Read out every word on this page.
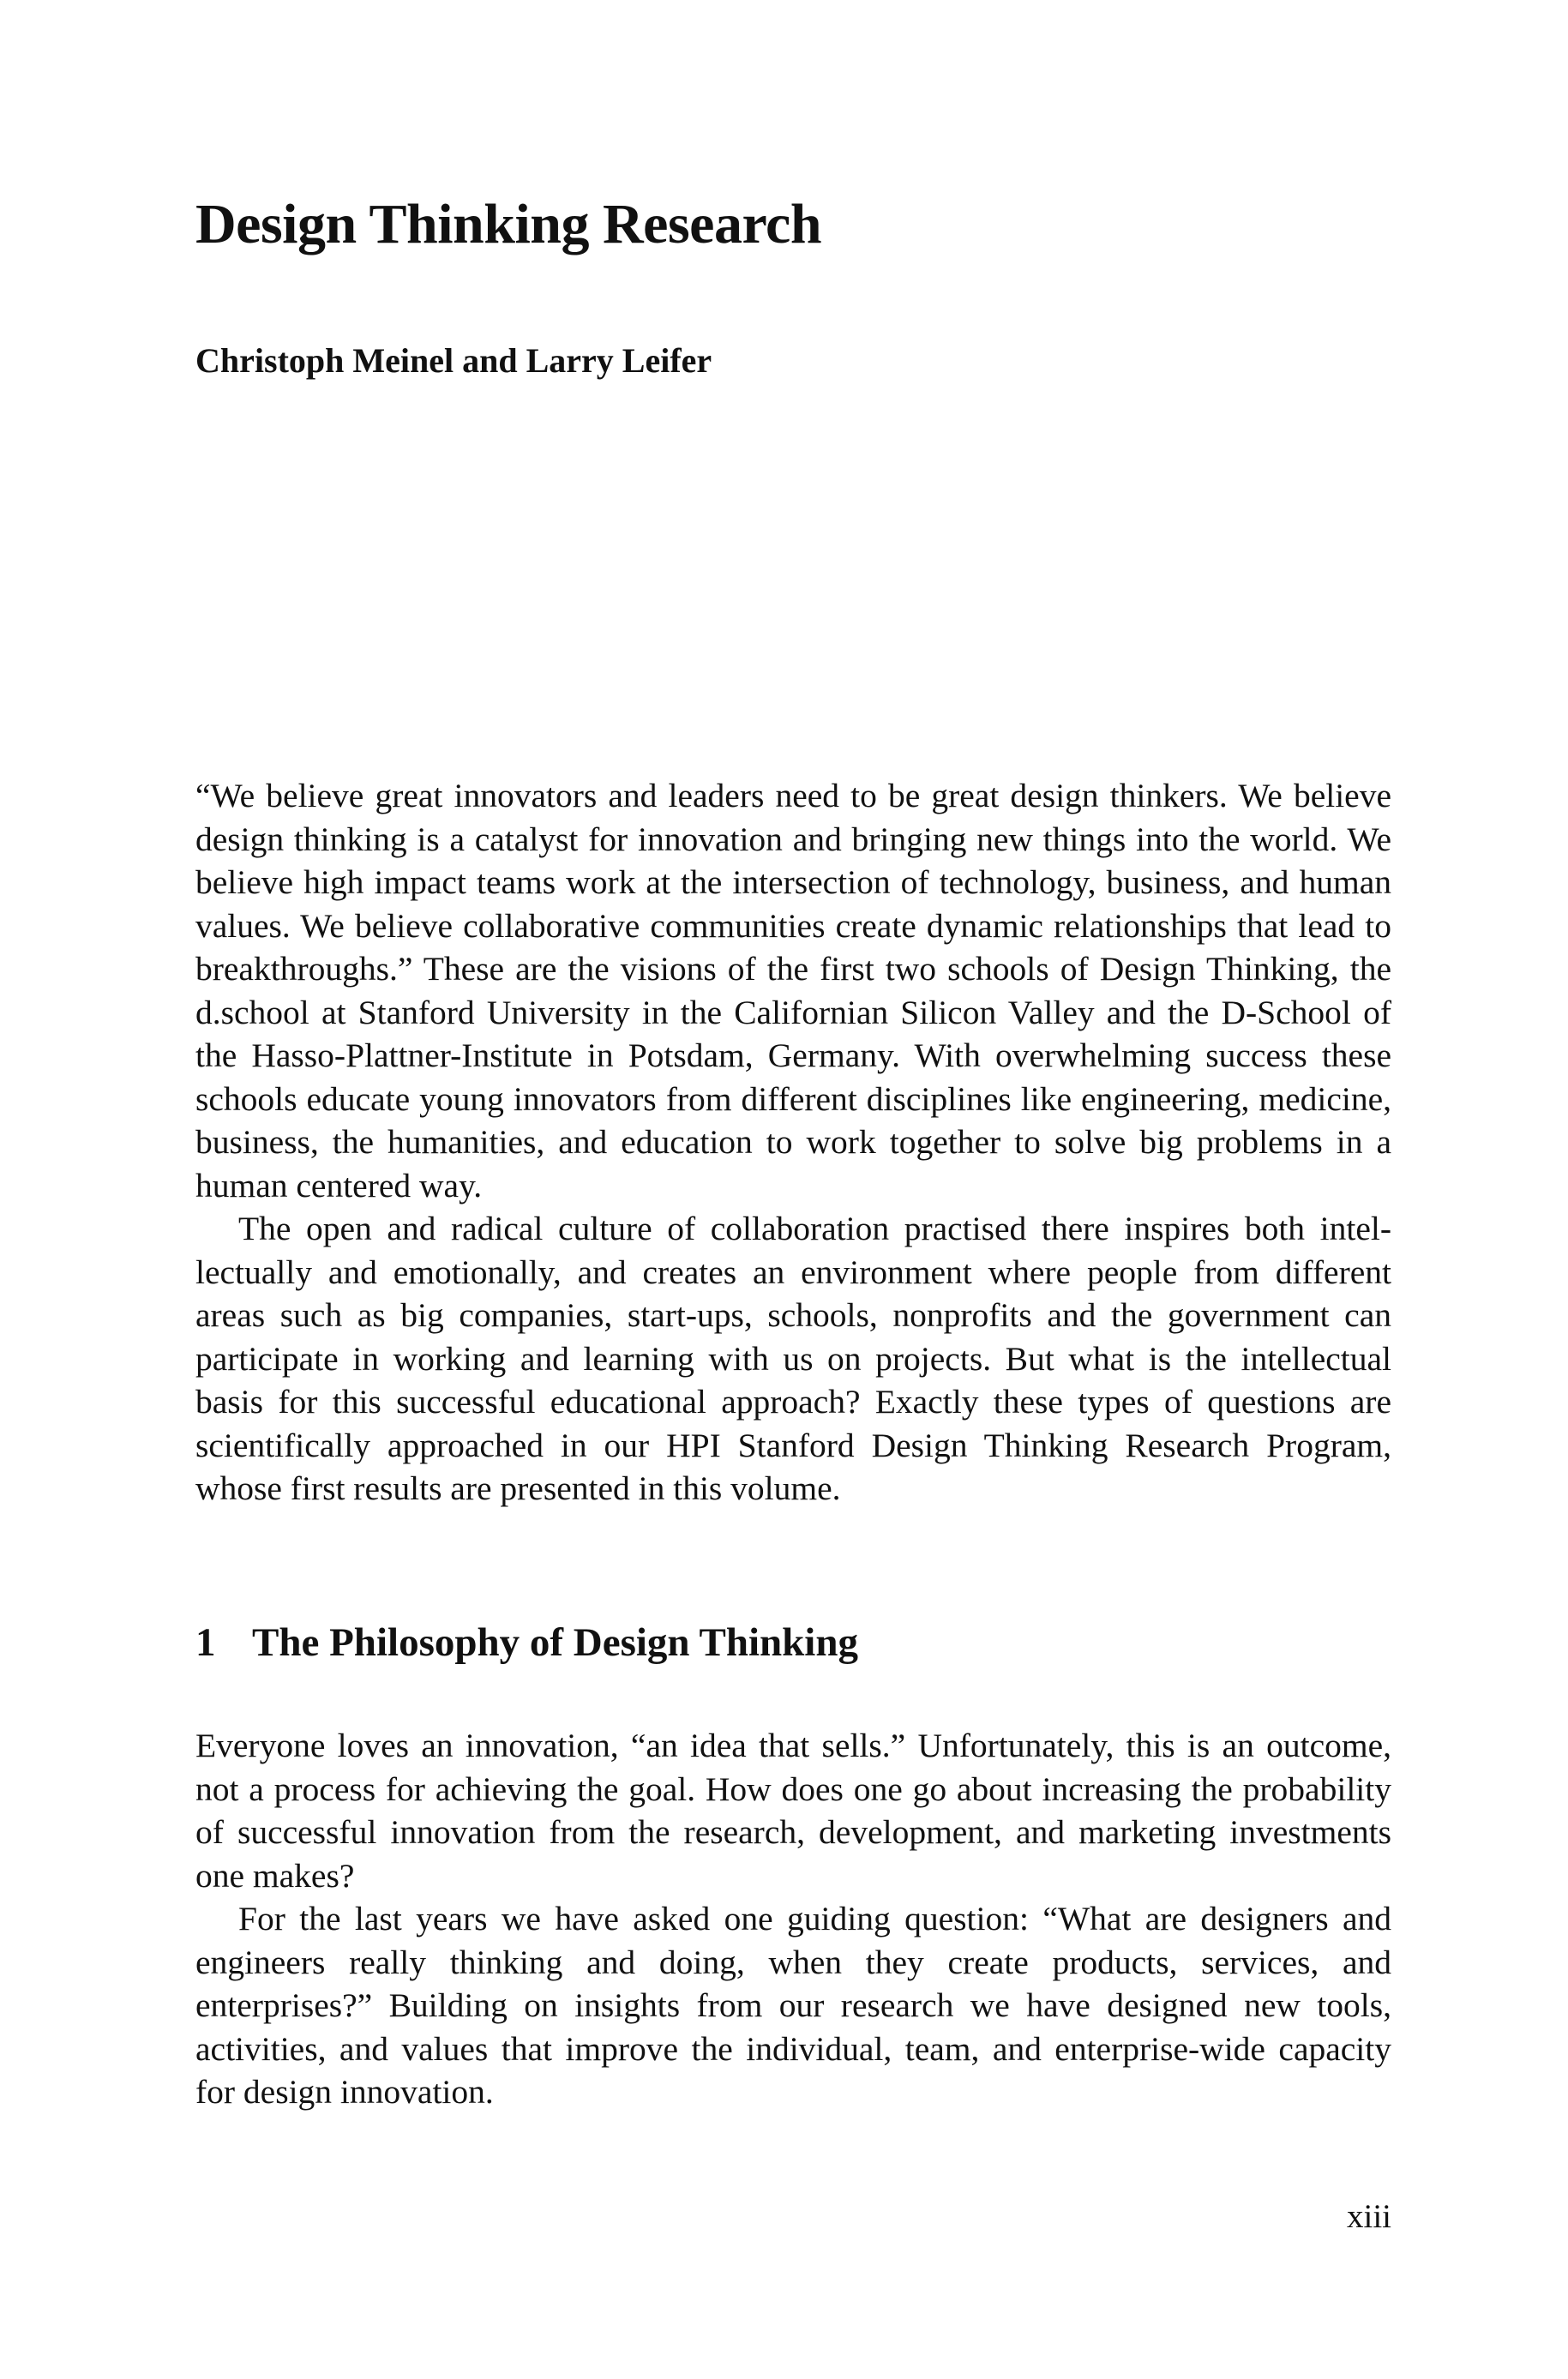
Design Thinking Research
Christoph Meinel and Larry Leifer

“We believe great innovators and leaders need to be great design thinkers. We believe design thinking is a catalyst for innovation and bringing new things into the world. We believe high impact teams work at the intersection of technology, business, and human values. We believe collaborative communities create dynamic relationships that lead to breakthroughs.” These are the visions of the first two schools of Design Thinking, the d.school at Stanford University in the Californian Silicon Valley and the D-School of the Hasso-Plattner-Institute in Potsdam, Germany. With overwhelming success these schools educate young innovators from different disciplines like engineering, medicine, business, the humanities, and education to work together to solve big problems in a human centered way.

The open and radical culture of collaboration practised there inspires both intellectually and emotionally, and creates an environment where people from different areas such as big companies, start-ups, schools, nonprofits and the government can participate in working and learning with us on projects. But what is the intellectual basis for this successful educational approach? Exactly these types of questions are scientifically approached in our HPI Stanford Design Thinking Research Program, whose first results are presented in this volume.

1 The Philosophy of Design Thinking

Everyone loves an innovation, “an idea that sells.” Unfortunately, this is an outcome, not a process for achieving the goal. How does one go about increasing the probability of successful innovation from the research, development, and marketing investments one makes?

For the last years we have asked one guiding question: “What are designers and engineers really thinking and doing, when they create products, services, and enterprises?” Building on insights from our research we have designed new tools, activities, and values that improve the individual, team, and enterprise-wide capacity for design innovation.

xiii
